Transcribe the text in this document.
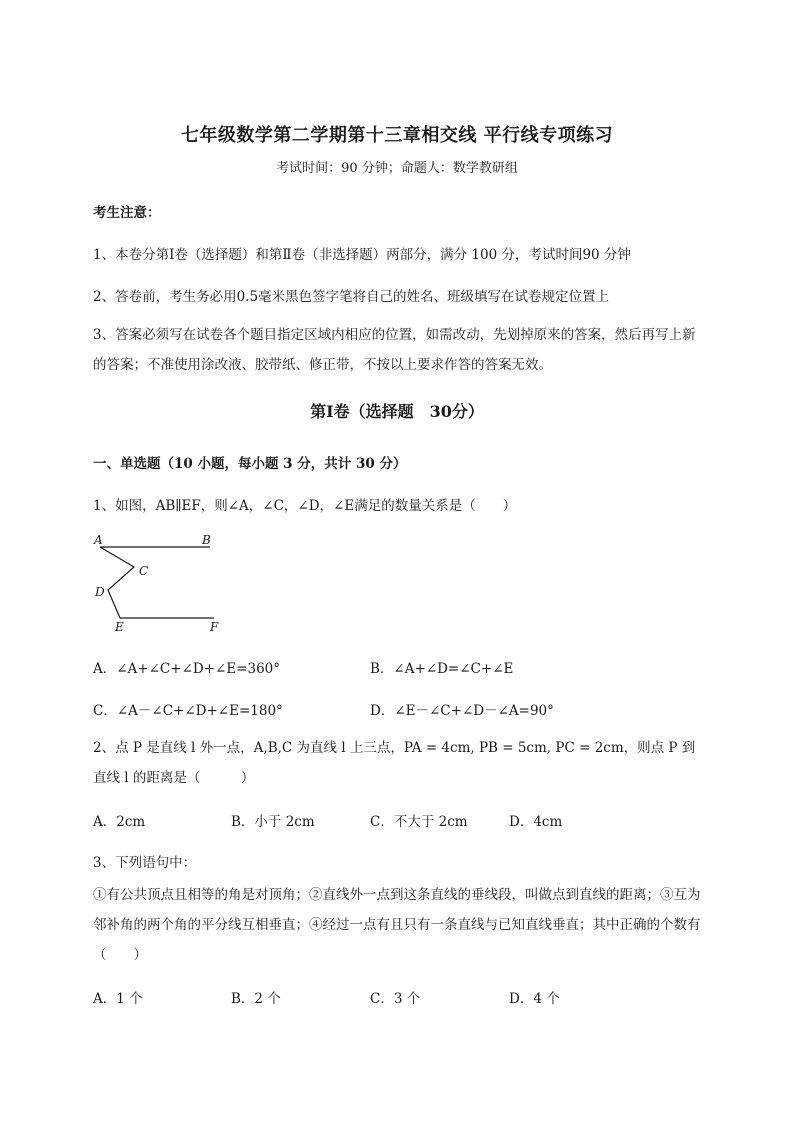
七年级数学第二学期第十三章相交线 平行线专项练习
考试时间：90 分钟；命题人：数学教研组
考生注意：
1、本卷分第Ⅰ卷（选择题）和第Ⅱ卷（非选择题）两部分，满分 100 分，考试时间90 分钟
2、答卷前，考生务必用0.5毫米黑色签字笔将自己的姓名、班级填写在试卷规定位置上
3、答案必须写在试卷各个题目指定区域内相应的位置，如需改动，先划掉原来的答案，然后再写上新的答案；不准使用涂改液、胶带纸、修正带，不按以上要求作答的答案无效。
第Ⅰ卷（选择题　30分）
一、单选题（10 小题，每小题 3 分，共计 30 分）
1、如图，AB∥EF，则∠A，∠C，∠D，∠E满足的数量关系是（　　）
A	B
C
D
E	F
A．∠A+∠C+∠D+∠E=360°	B．∠A+∠D=∠C+∠E
C．∠A－∠C+∠D+∠E=180°	D．∠E－∠C+∠D－∠A=90°
2、点 P 是直线 l 外一点，A,B,C 为直线 l 上三点，PA = 4cm, PB = 5cm, PC = 2cm，则点 P 到直线 l 的距离是（　　　）
A．2cm	B．小于 2cm	C．不大于 2cm	D．4cm
3、下列语句中：
①有公共顶点且相等的角是对顶角；②直线外一点到这条直线的垂线段，叫做点到直线的距离；③互为邻补角的两个角的平分线互相垂直；④经过一点有且只有一条直线与已知直线垂直；其中正确的个数有（　　）
A．1 个	B．2 个	C．3 个	D．4 个
